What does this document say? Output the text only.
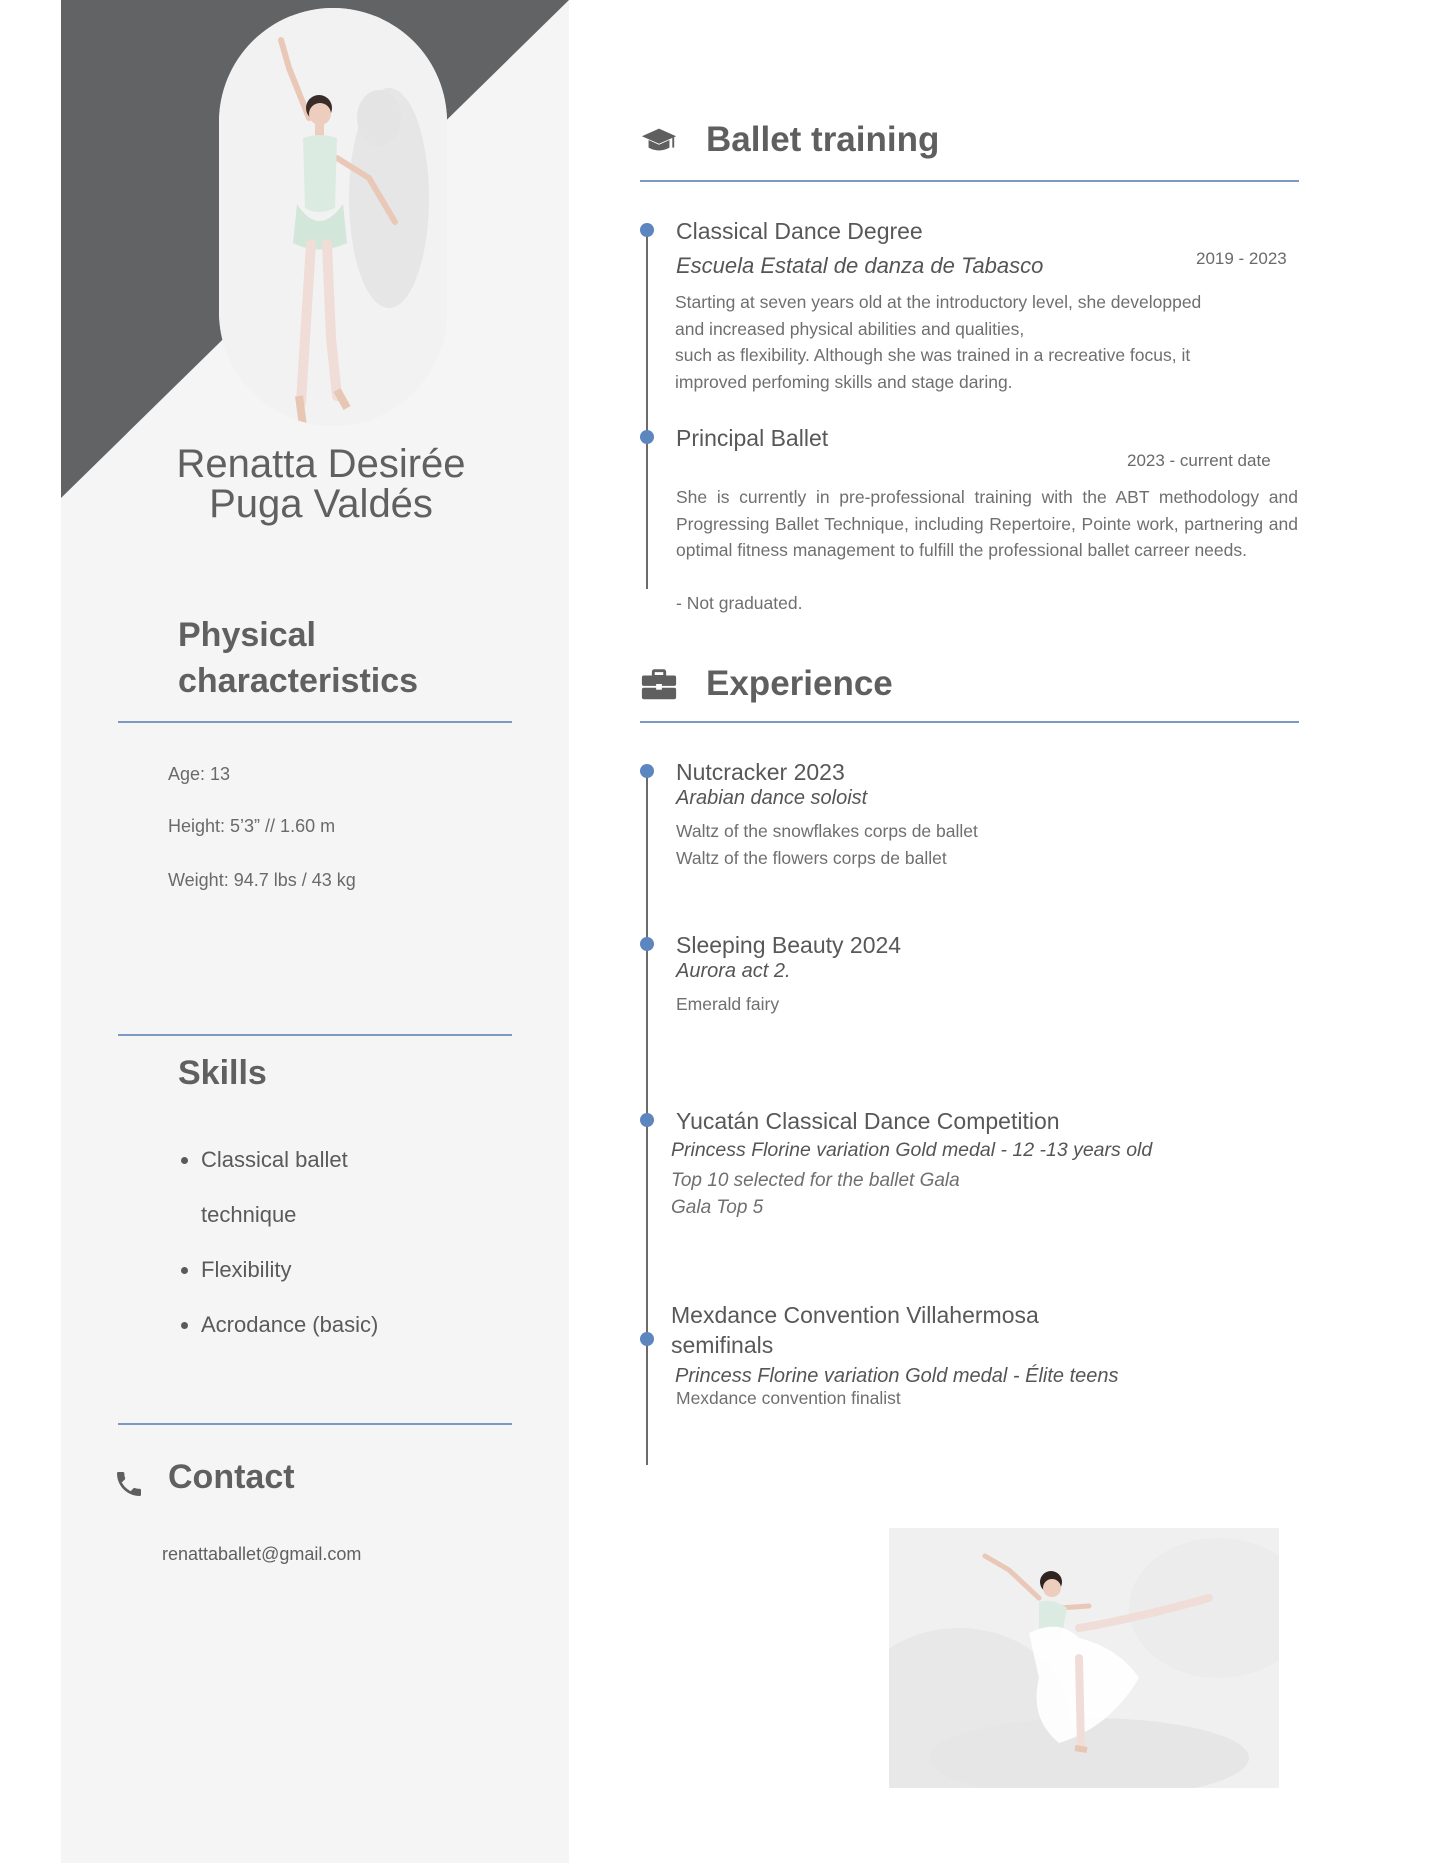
Renatta Desirée
Puga Valdés
Physical
characteristics
Age: 13
Height: 5’3” // 1.60 m
Weight: 94.7 lbs / 43 kg
Skills
• Classical ballet technique
• Flexibility
• Acrodance (basic)
Contact
renattaballet@gmail.com
Ballet training
Classical Dance Degree
Escuela Estatal de danza de Tabasco	2019 - 2023
Starting at seven years old at the introductory level, she developped
and increased physical abilities and qualities,
such as flexibility. Although she was trained in a recreative focus, it
improved perfoming skills and stage daring.
Principal Ballet
2023 - current date
She is currently in pre-professional training with the ABT methodology and Progressing Ballet Technique, including Repertoire, Pointe work, partnering and optimal fitness management to fulfill the professional ballet carreer needs.
- Not graduated.
Experience
Nutcracker 2023
Arabian dance soloist
Waltz of the snowflakes corps de ballet
Waltz of the flowers corps de ballet
Sleeping Beauty 2024
Aurora act 2.
Emerald fairy
Yucatán Classical Dance Competition
Princess Florine variation Gold medal - 12 -13 years old
Top 10 selected for the ballet Gala
Gala Top 5
Mexdance Convention Villahermosa
semifinals
Princess Florine variation Gold medal - Élite teens
Mexdance convention finalist
